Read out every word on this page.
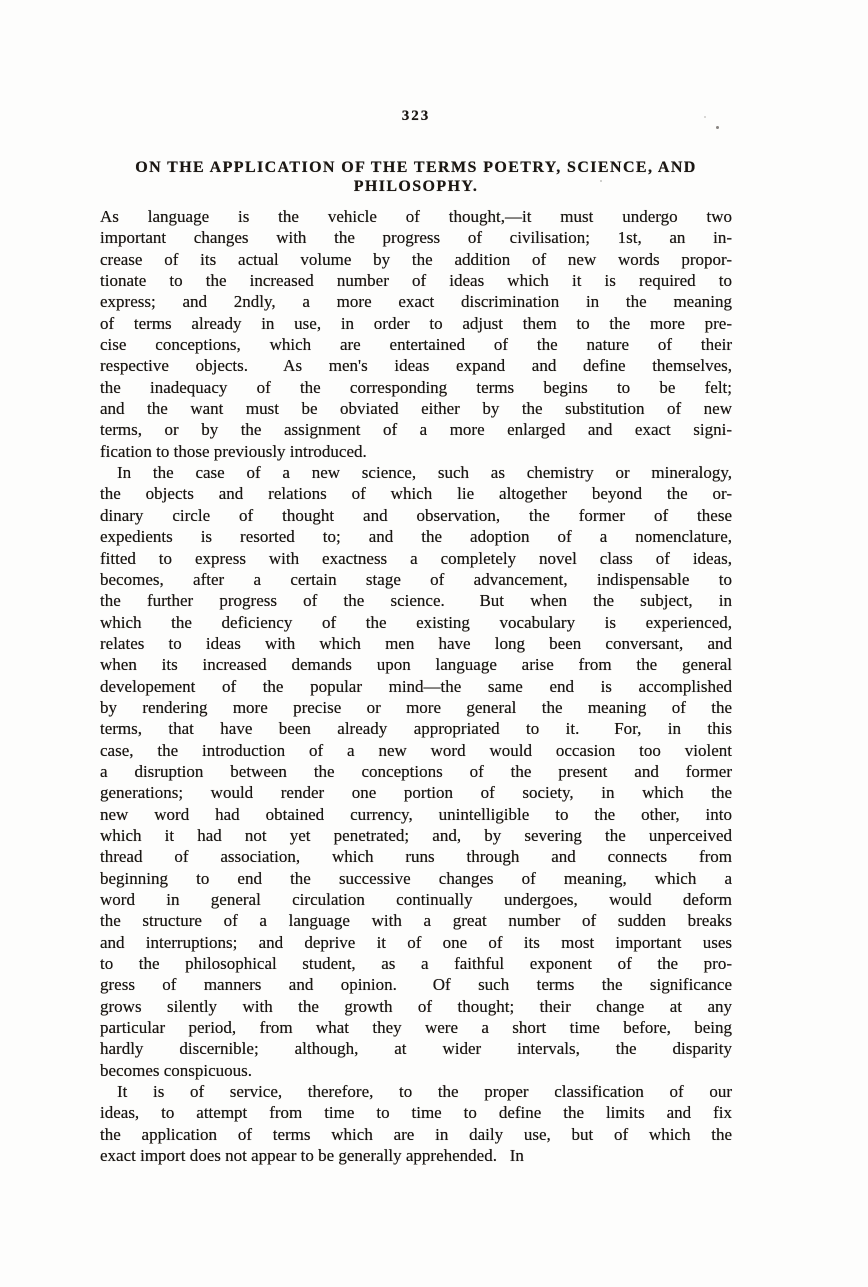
323
ON THE APPLICATION OF THE TERMS POETRY, SCIENCE, AND
PHILOSOPHY.
As language is the vehicle of thought,—it must undergo two
important changes with the progress of civilisation; 1st, an in-
crease of its actual volume by the addition of new words propor-
tionate to the increased number of ideas which it is required to
express; and 2ndly, a more exact discrimination in the meaning
of terms already in use, in order to adjust them to the more pre-
cise conceptions, which are entertained of the nature of their
respective objects.  As men's ideas expand and define themselves,
the inadequacy of the corresponding terms begins to be felt;
and the want must be obviated either by the substitution of new
terms, or by the assignment of a more enlarged and exact signi-
fication to those previously introduced.
In the case of a new science, such as chemistry or mineralogy,
the objects and relations of which lie altogether beyond the or-
dinary circle of thought and observation, the former of these
expedients is resorted to; and the adoption of a nomenclature,
fitted to express with exactness a completely novel class of ideas,
becomes, after a certain stage of advancement, indispensable to
the further progress of the science.  But when the subject, in
which the deficiency of the existing vocabulary is experienced,
relates to ideas with which men have long been conversant, and
when its increased demands upon language arise from the general
developement of the popular mind—the same end is accomplished
by rendering more precise or more general the meaning of the
terms, that have been already appropriated to it.  For, in this
case, the introduction of a new word would occasion too violent
a disruption between the conceptions of the present and former
generations; would render one portion of society, in which the
new word had obtained currency, unintelligible to the other, into
which it had not yet penetrated; and, by severing the unperceived
thread of association, which runs through and connects from
beginning to end the successive changes of meaning, which a
word in general circulation continually undergoes, would deform
the structure of a language with a great number of sudden breaks
and interruptions; and deprive it of one of its most important uses
to the philosophical student, as a faithful exponent of the pro-
gress of manners and opinion.  Of such terms the significance
grows silently with the growth of thought; their change at any
particular period, from what they were a short time before, being
hardly discernible; although, at wider intervals, the disparity
becomes conspicuous.
It is of service, therefore, to the proper classification of our
ideas, to attempt from time to time to define the limits and fix
the application of terms which are in daily use, but of which the
exact import does not appear to be generally apprehended.  In
